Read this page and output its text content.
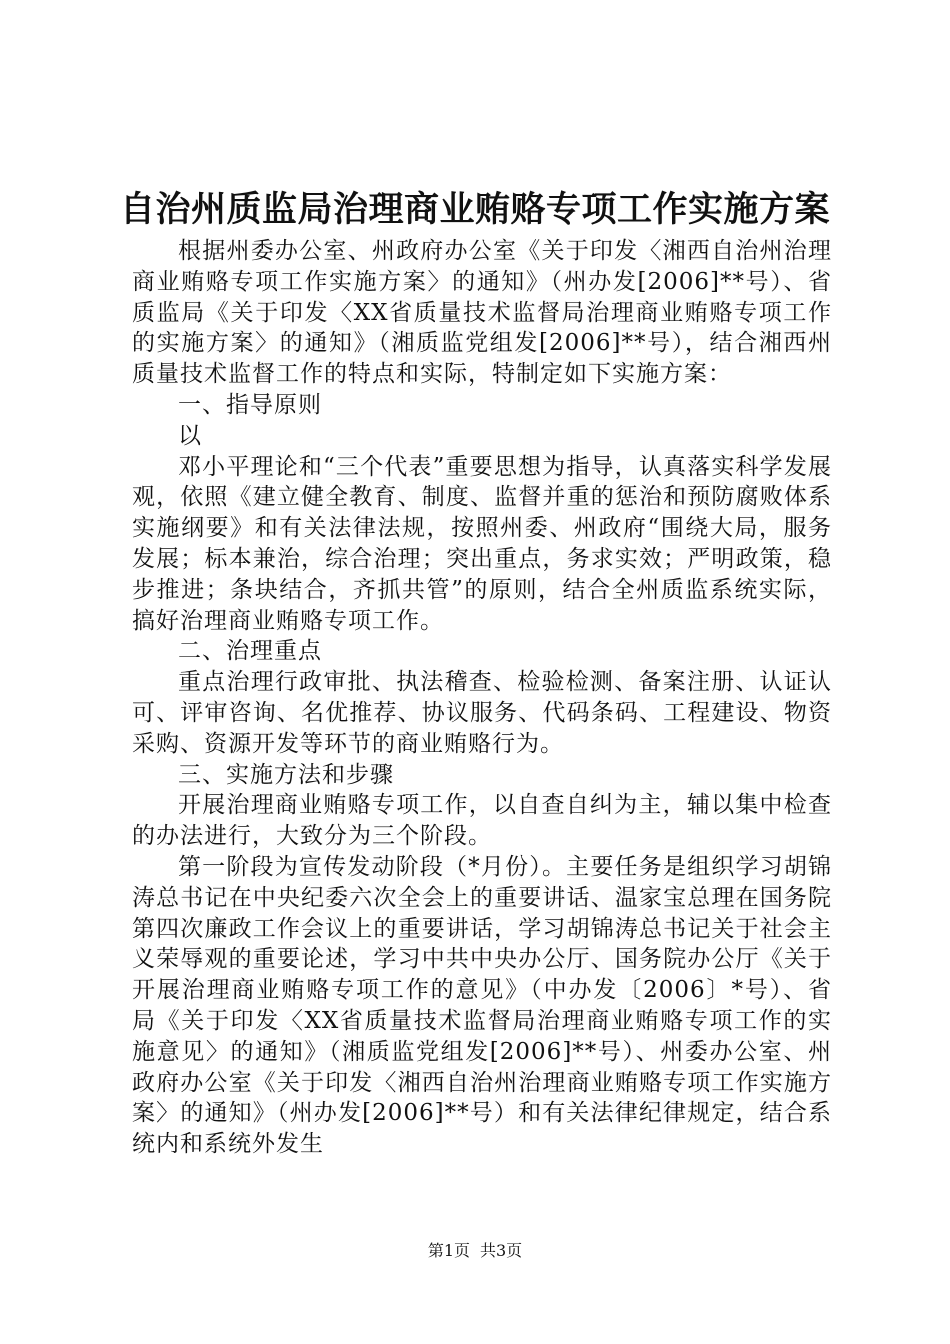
自治州质监局治理商业贿赂专项工作实施方案

根据州委办公室、州政府办公室《关于印发〈湘西自治州治理商业贿赂专项工作实施方案〉的通知》（州办发[2006]**号）、省质监局《关于印发〈XX省质量技术监督局治理商业贿赂专项工作的实施方案〉的通知》（湘质监党组发[2006]**号），结合湘西州质量技术监督工作的特点和实际，特制定如下实施方案：

一、指导原则

以

邓小平理论和“三个代表”重要思想为指导，认真落实科学发展观，依照《建立健全教育、制度、监督并重的惩治和预防腐败体系实施纲要》和有关法律法规，按照州委、州政府“围绕大局，服务发展；标本兼治，综合治理；突出重点，务求实效；严明政策，稳步推进；条块结合，齐抓共管”的原则，结合全州质监系统实际，搞好治理商业贿赂专项工作。

二、治理重点

重点治理行政审批、执法稽查、检验检测、备案注册、认证认可、评审咨询、名优推荐、协议服务、代码条码、工程建设、物资采购、资源开发等环节的商业贿赂行为。

三、实施方法和步骤

开展治理商业贿赂专项工作，以自查自纠为主，辅以集中检查的办法进行，大致分为三个阶段。

第一阶段为宣传发动阶段（*月份）。主要任务是组织学习胡锦涛总书记在中央纪委六次全会上的重要讲话、温家宝总理在国务院第四次廉政工作会议上的重要讲话，学习胡锦涛总书记关于社会主义荣辱观的重要论述，学习中共中央办公厅、国务院办公厅《关于开展治理商业贿赂专项工作的意见》（中办发〔2006〕*号）、省局《关于印发〈XX省质量技术监督局治理商业贿赂专项工作的实施意见〉的通知》（湘质监党组发[2006]**号）、州委办公室、州政府办公室《关于印发〈湘西自治州治理商业贿赂专项工作实施方案〉的通知》（州办发[2006]**号）和有关法律纪律规定，结合系统内和系统外发生

第1页 共3页
